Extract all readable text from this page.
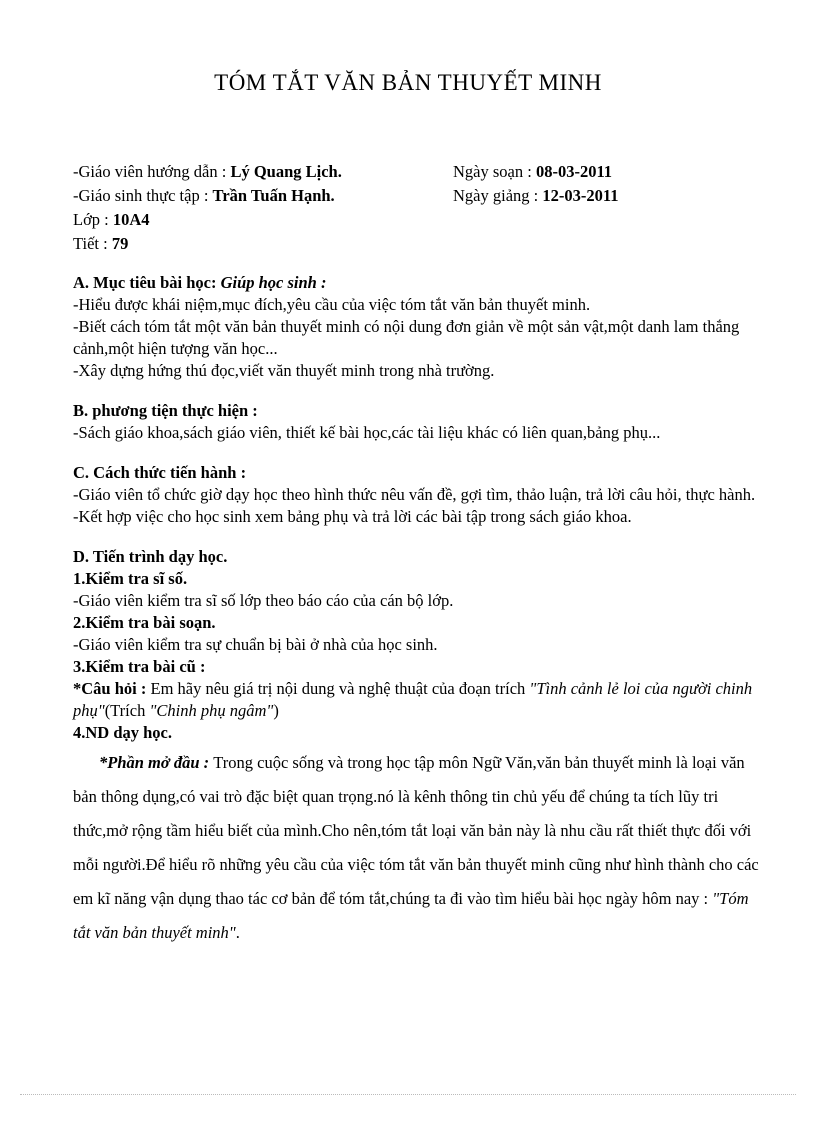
TÓM TẮT VĂN BẢN THUYẾT MINH
-Giáo viên hướng dẫn : Lý Quang Lịch.	Ngày soạn : 08-03-2011
-Giáo sinh thực tập : Trần Tuấn Hạnh.	Ngày giảng : 12-03-2011
Lớp : 10A4
Tiết : 79

A. Mục tiêu bài học: Giúp học sinh :

-Hiểu được khái niệm,mục đích,yêu cầu của việc tóm tắt văn bản thuyết minh.

-Biết cách tóm tắt một văn bản thuyết minh có nội dung đơn giản về một sản vật,một danh lam thắng cảnh,một hiện tượng văn học...

-Xây dựng hứng thú đọc,viết văn thuyết minh trong nhà trường.

B. phương tiện thực hiện :

-Sách giáo khoa,sách giáo viên, thiết kế bài học,các tài liệu khác có liên quan,bảng phụ...

C. Cách thức tiến hành :

-Giáo viên tổ chức giờ dạy học theo hình thức nêu vấn đề, gợi tìm, thảo luận, trả lời câu hỏi, thực hành.

-Kết hợp việc cho học sinh xem bảng phụ và trả lời các bài tập trong sách giáo khoa.

D. Tiến trình dạy học.

1.Kiểm tra sĩ số.

-Giáo viên kiểm tra sĩ số lớp theo báo cáo của cán bộ lớp.

2.Kiểm tra bài soạn.

-Giáo viên kiểm tra sự chuẩn bị bài ở nhà của học sinh.

3.Kiểm tra bài cũ :

*Câu hỏi : Em hãy nêu giá trị nội dung và nghệ thuật của đoạn trích "Tình cảnh lẻ loi của người chinh phụ"(Trích "Chinh phụ ngâm")

4.ND dạy học.

*Phần mở đầu : Trong cuộc sống và trong học tập môn Ngữ Văn,văn bản thuyết minh là loại văn bản thông dụng,có vai trò đặc biệt quan trọng.nó là kênh thông tin chủ yếu để chúng ta tích lũy tri thức,mở rộng tầm hiểu biết của mình.Cho nên,tóm tắt loại văn bản này là nhu cầu rất thiết thực đối với mỗi người.Để hiểu rõ những yêu cầu của việc tóm tắt văn bản thuyết minh cũng như hình thành cho các em kĩ năng vận dụng thao tác cơ bản để tóm tắt,chúng ta đi vào tìm hiểu bài học ngày hôm nay : "Tóm tắt văn bản thuyết minh".
